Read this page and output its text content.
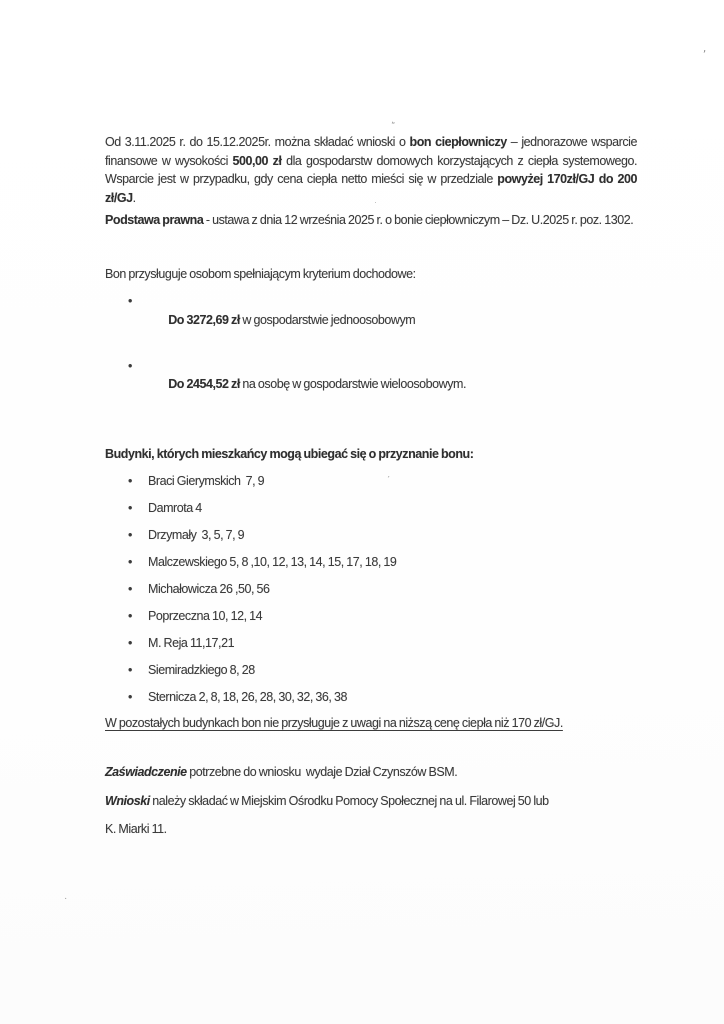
Od 3.11.2025 r. do 15.12.2025r. można składać wnioski o bon ciepłowniczy – jednorazowe wsparcie
finansowe w wysokości 500,00 zł dla gospodarstw domowych korzystających z ciepła systemowego.
Wsparcie jest w przypadku, gdy cena ciepła netto mieści się w przedziale powyżej 170zł/GJ do 200
zł/GJ.

Podstawa prawna - ustawa z dnia 12 września 2025 r. o bonie ciepłowniczym – Dz. U.2025 r. poz. 1302.

Bon przysługuje osobom spełniającym kryterium dochodowe:

•
Do 3272,69 zł w gospodarstwie jednoosobowym

•
Do 2454,52 zł na osobę w gospodarstwie wieloosobowym.

Budynki, których mieszkańcy mogą ubiegać się o przyznanie bonu:

• Braci Gierymskich  7, 9
• Damrota 4
• Drzymały  3, 5, 7, 9
• Malczewskiego 5, 8 ,10, 12, 13, 14, 15, 17, 18, 19
• Michałowicza 26 ,50, 56
• Poprzeczna 10, 12, 14
• M. Reja 11,17,21
• Siemiradzkiego 8, 28
• Sternicza 2, 8, 18, 26, 28, 30, 32, 36, 38

W pozostałych budynkach bon nie przysługuje z uwagi na niższą cenę ciepła niż 170 zł/GJ.

Zaświadczenie potrzebne do wniosku  wydaje Dział Czynszów BSM.

Wnioski należy składać w Miejskim Ośrodku Pomocy Społecznej na ul. Filarowej 50 lub

K. Miarki 11.

ʼ
ʺ
ˊ
·
·
